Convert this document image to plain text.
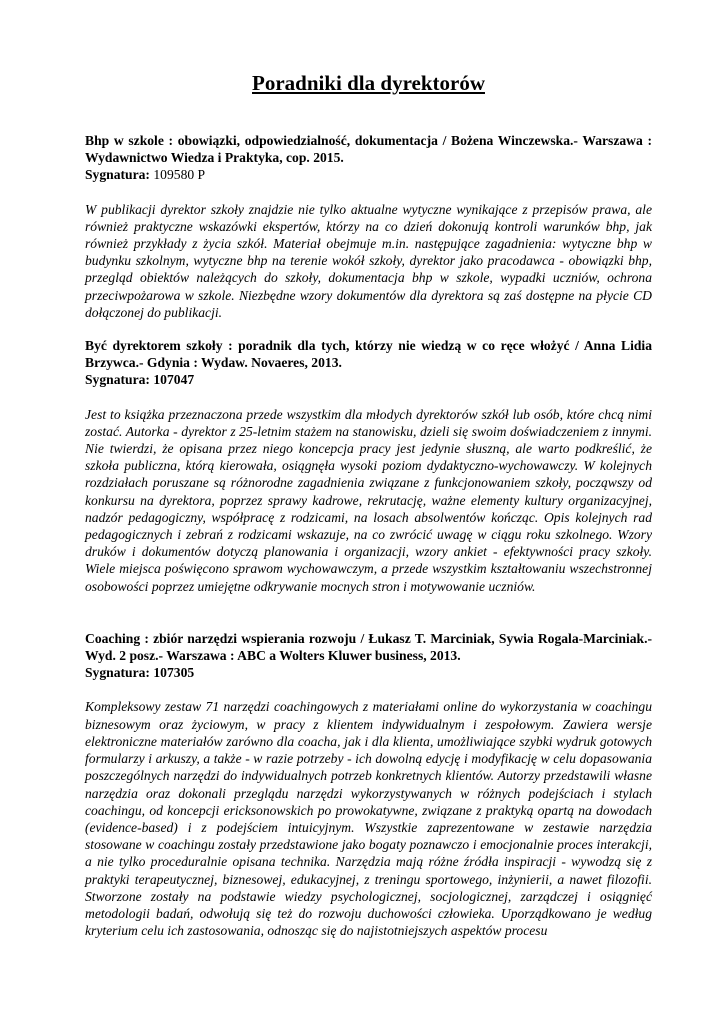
Poradniki dla dyrektorów

Bhp w szkole : obowiązki, odpowiedzialność, dokumentacja / Bożena Winczewska.- Warszawa : Wydawnictwo Wiedza i Praktyka, cop. 2015.

Sygnatura: 109580 P

W publikacji dyrektor szkoły znajdzie nie tylko aktualne wytyczne wynikające z przepisów prawa, ale również praktyczne wskazówki ekspertów, którzy na co dzień dokonują kontroli warunków bhp, jak również przykłady z życia szkół. Materiał obejmuje m.in. następujące zagadnienia: wytyczne bhp w budynku szkolnym, wytyczne bhp na terenie wokół szkoły, dyrektor jako pracodawca - obowiązki bhp, przegląd obiektów należących do szkoły, dokumentacja bhp w szkole, wypadki uczniów, ochrona przeciwpożarowa w szkole. Niezbędne wzory dokumentów dla dyrektora są zaś dostępne na płycie CD dołączonej do publikacji.

Być dyrektorem szkoły : poradnik dla tych, którzy nie wiedzą w co ręce włożyć / Anna Lidia Brzywca.- Gdynia : Wydaw. Novaeres, 2013.

Sygnatura: 107047

Jest to książka przeznaczona przede wszystkim dla młodych dyrektorów szkół lub osób, które chcą nimi zostać. Autorka - dyrektor z 25-letnim stażem na stanowisku, dzieli się swoim doświadczeniem z innymi. Nie twierdzi, że opisana przez niego koncepcja pracy jest jedynie słuszną, ale warto podkreślić, że szkoła publiczna, którą kierowała, osiągnęła wysoki poziom dydaktyczno-wychowawczy. W kolejnych rozdziałach poruszane są różnorodne zagadnienia związane z funkcjonowaniem szkoły, począwszy od konkursu na dyrektora, poprzez sprawy kadrowe, rekrutację, ważne elementy kultury organizacyjnej, nadzór pedagogiczny, współpracę z rodzicami, na losach absolwentów kończąc. Opis kolejnych rad pedagogicznych i zebrań z rodzicami wskazuje, na co zwrócić uwagę w ciągu roku szkolnego. Wzory druków i dokumentów dotyczą planowania i organizacji, wzory ankiet - efektywności pracy szkoły. Wiele miejsca poświęcono sprawom wychowawczym, a przede wszystkim kształtowaniu wszechstronnej osobowości poprzez umiejętne odkrywanie mocnych stron i motywowanie uczniów.

Coaching : zbiór narzędzi wspierania rozwoju / Łukasz T. Marciniak, Sywia Rogala-Marciniak.- Wyd. 2 posz.- Warszawa : ABC a Wolters Kluwer business, 2013.

Sygnatura: 107305

Kompleksowy zestaw 71 narzędzi coachingowych z materiałami online do wykorzystania w coachingu biznesowym oraz życiowym, w pracy z klientem indywidualnym i zespołowym. Zawiera wersje elektroniczne materiałów zarówno dla coacha, jak i dla klienta, umożliwiające szybki wydruk gotowych formularzy i arkuszy, a także - w razie potrzeby - ich dowolną edycję i modyfikację w celu dopasowania poszczególnych narzędzi do indywidualnych potrzeb konkretnych klientów. Autorzy przedstawili własne narzędzia oraz dokonali przeglądu narzędzi wykorzystywanych w różnych podejściach i stylach coachingu, od koncepcji ericksonowskich po prowokatywne, związane z praktyką opartą na dowodach (evidence-based) i z podejściem intuicyjnym. Wszystkie zaprezentowane w zestawie narzędzia stosowane w coachingu zostały przedstawione jako bogaty poznawczo i emocjonalnie proces interakcji, a nie tylko proceduralnie opisana technika. Narzędzia mają różne źródła inspiracji - wywodzą się z praktyki terapeutycznej, biznesowej, edukacyjnej, z treningu sportowego, inżynierii, a nawet filozofii. Stworzone zostały na podstawie wiedzy psychologicznej, socjologicznej, zarządczej i osiągnięć metodologii badań, odwołują się też do rozwoju duchowości człowieka. Uporządkowano je według kryterium celu ich zastosowania, odnosząc się do najistotniejszych aspektów procesu
